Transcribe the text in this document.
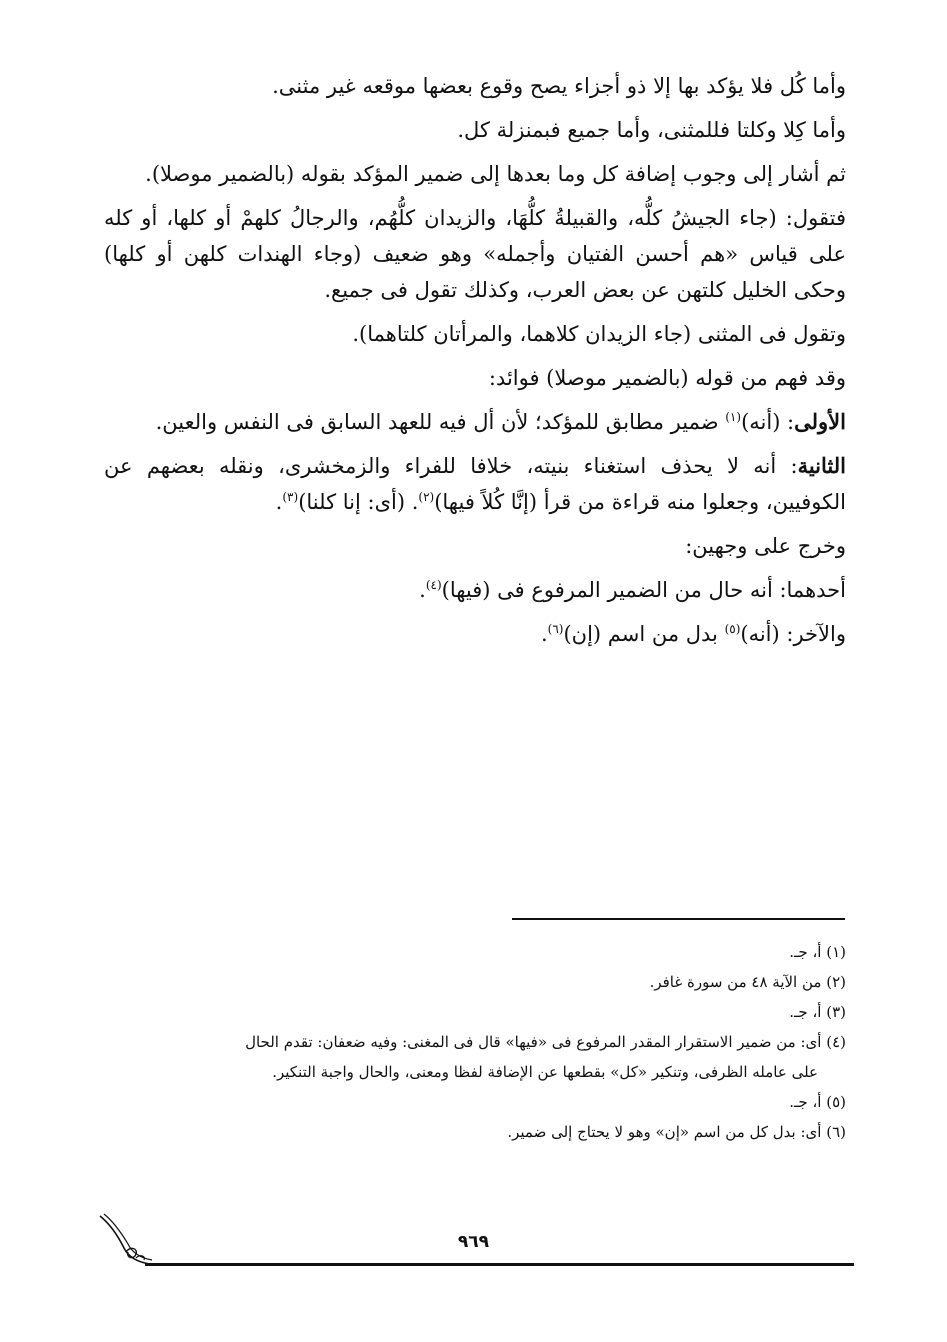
وأما كُل فلا يؤكد بها إلا ذو أجزاء يصح وقوع بعضها موقعه غير مثنى.

وأما كِلا وكلتا فللمثنى، وأما جميع فبمنزلة كل.

ثم أشار إلى وجوب إضافة كل وما بعدها إلى ضمير المؤكد بقوله (بالضمير موصلا).

فتقول: (جاء الجيشُ كلُّه، والقبيلةُ كلُّهَا، والزيدان كلُّهُم، والرجالُ كلهمْ أو كلها، أو كله على قياس «هم أحسن الفتيان وأجمله» وهو ضعيف (وجاء الهندات كلهن أو كلها) وحكى الخليل كلتهن عن بعض العرب، وكذلك تقول فى جميع.

وتقول فى المثنى (جاء الزيدان كلاهما، والمرأتان كلتاهما).

وقد فهم من قوله (بالضمير موصلا) فوائد:

الأولى: (أنه)$^{(١)}$ ضمير مطابق للمؤكد؛ لأن أل فيه للعهد السابق فى النفس والعين.

الثانية: أنه لا يحذف استغناء بنيته، خلافا للفراء والزمخشرى، ونقله بعضهم عن الكوفيين، وجعلوا منه قراءة من قرأ (إنَّا كُلاً فيها)$^{(٢)}$. (أى: إنا كلنا)$^{(٣)}$.

وخرج على وجهين:

أحدهما: أنه حال من الضمير المرفوع فى (فيها)$^{(٤)}$.

والآخر: (أنه)$^{(٥)}$ بدل من اسم (إن)$^{(٦)}$.

(١) أ، جـ.

(٢) من الآية ٤٨ من سورة غافر.

(٣) أ، جـ.

(٤) أى: من ضمير الاستقرار المقدر المرفوع فى «فيها» قال فى المغنى: وفيه ضعفان: تقدم الحال

على عامله الظرفى، وتنكير «كل» بقطعها عن الإضافة لفظا ومعنى، والحال واجبة التنكير.

(٥) أ، جـ.

(٦) أى: بدل كل من اسم «إن» وهو لا يحتاج إلى ضمير.

٩٦٩
